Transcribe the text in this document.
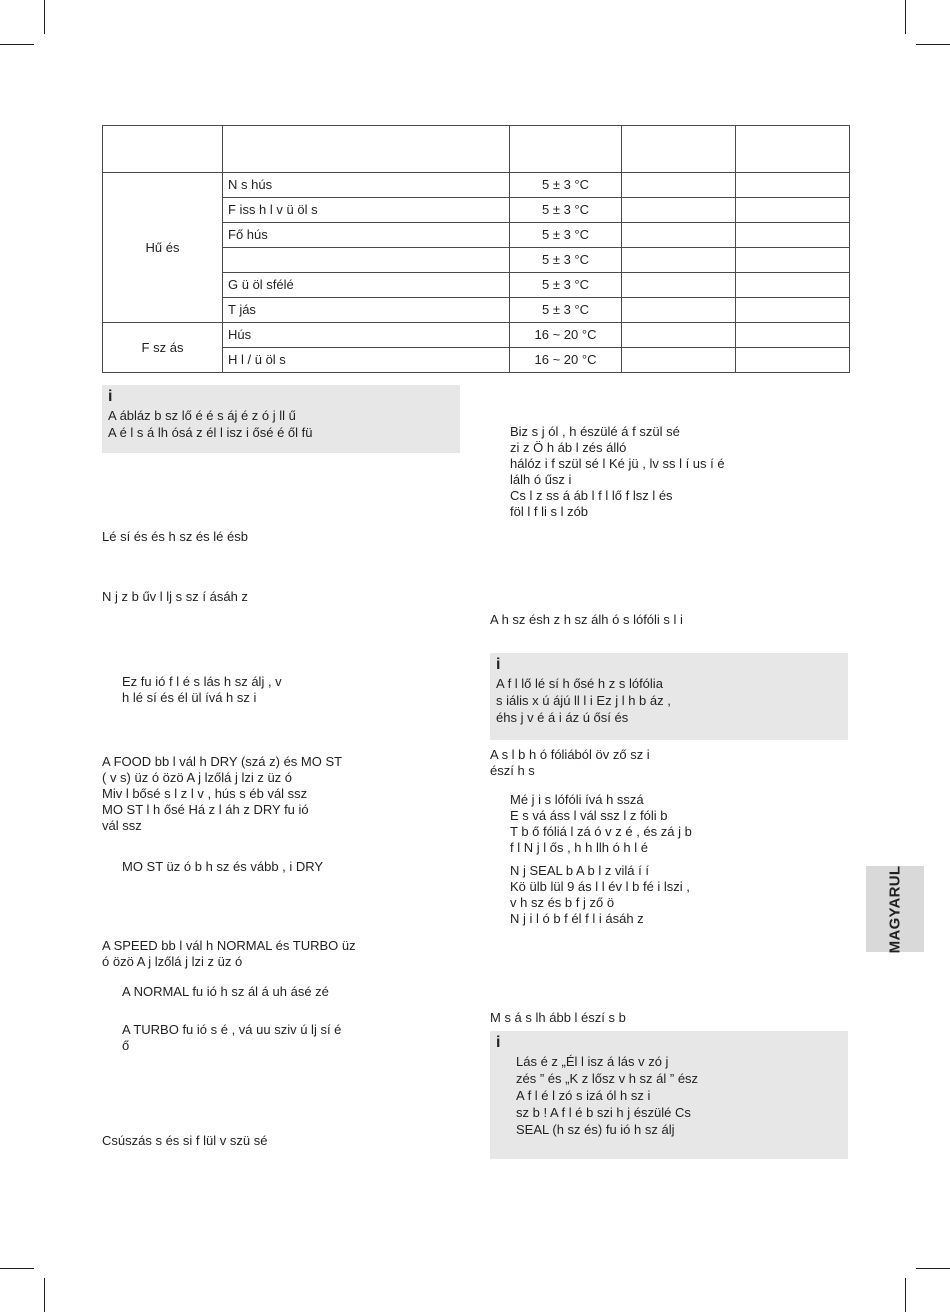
Hű és	N s hús	5 ± 3 °C		
	F iss h l v ü öl s	5 ± 3 °C		
	Fő hús	5 ± 3 °C		
		5 ± 3 °C		
	G ü öl sfélé	5 ± 3 °C		
	T jás	5 ± 3 °C		
F sz ás	Hús	16 ~ 20 °C		
	H l / ü öl s	16 ~ 20 °C		
i
A ábláz b sz lő é é s áj é z ó j ll ű
A é l s á lh ósá z él l isz i ősé é ől fü
Lé sí és és h sz és lé ésb
N j z b űv l lj s sz í ásáh z
Ez fu ió f l é s lás h sz álj , v
h lé sí és él ül ívá h sz i
A FOOD bb l vál h DRY (szá z) és MO ST
( v s) üz ó özö A j lzőlá j lzi z üz ó
Miv l bősé s l z l v , hús s éb vál ssz
MO ST l h ősé Há z l áh z DRY fu ió
vál ssz
MO ST üz ó b h sz és vább , i DRY
A SPEED bb l vál h NORMAL és TURBO üz
ó özö A j lzőlá j lzi z üz ó
A NORMAL fu ió h sz ál á uh ásé zé
A TURBO fu ió s é , vá uu sziv ú lj sí é
ő
Csúszás s és si f lül v szü sé
Biz s j ól , h észülé á f szül sé
zi z Ö h áb l zés álló
hálóz i f szül sé l Ké jü , lv ss l í us í é
lálh ó űsz i
Cs l z ss á áb l f l lő f lsz l és
föl l f li s l zób
A h sz ésh z h sz álh ó s lófóli s l i
i
A f l lő lé sí h ősé h z s lófólia
s iális x ú ájú ll l i Ez j l h b áz ,
éhs j v é á i áz ú ősí és
A s l b h ó fóliából öv ző sz i
észí h s
Mé j i s lófóli ívá h sszá
E s vá áss l vál ssz l z fóli b
T b ő fóliá l zá ó v z é , és zá j b
f l N j l ős , h h llh ó h l é
N j SEAL b A b l z vilá í í
Kö ülb lül 9 ás l l év l b fé i lszi ,
v h sz és b f j ző ö
N j i l ó b f él f l i ásáh z
M s á s lh ább l észí s b
i
Lás é z „Él l isz á lás v zó j
zés ” és „K z lősz v h sz ál ” ész
A f l é l zó s izá ól h sz i
sz b ! A f l é b szi h j észülé Cs
SEAL (h sz és) fu ió h sz álj
MAGYARUL
